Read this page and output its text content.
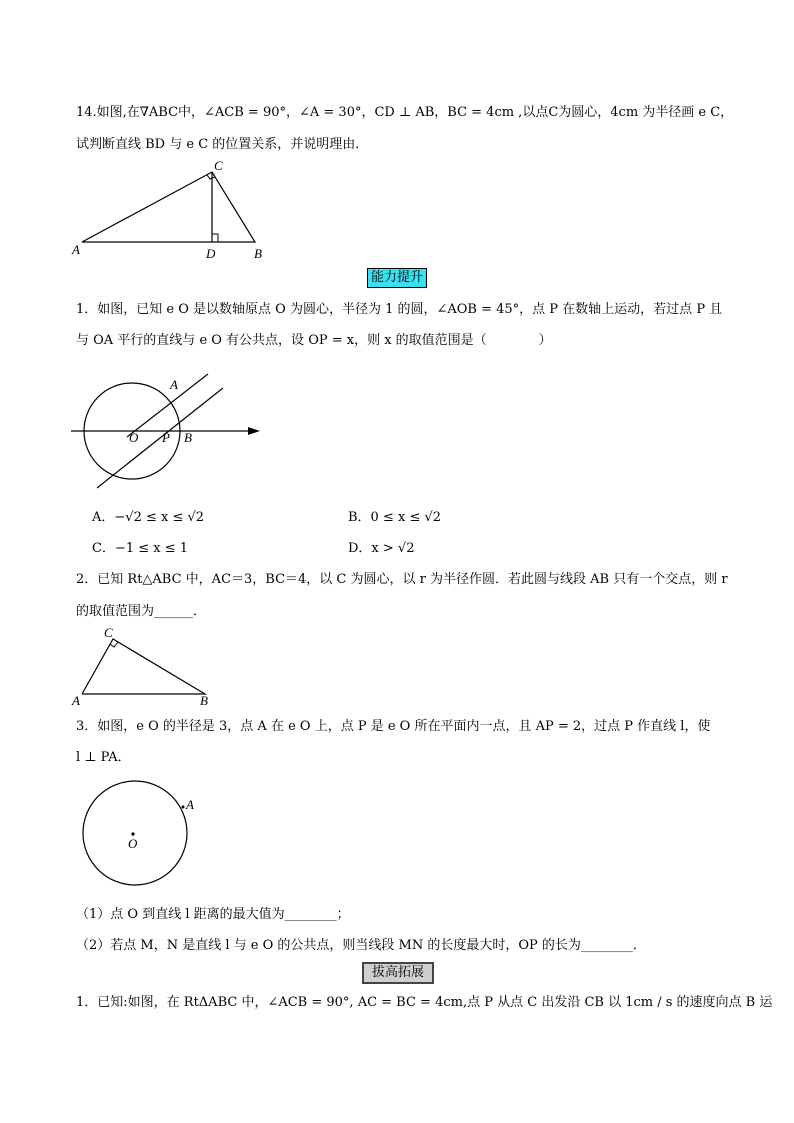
14.如图,在∇ABC中，∠ACB = 90°，∠A = 30°，CD ⊥ AB，BC = 4cm ,以点C为圆心，4cm 为半径画 e C，
试判断直线 BD 与 e C 的位置关系，并说明理由．
A
C
D	B
能力提升
1．如图，已知 e O 是以数轴原点 O 为圆心，半径为 1 的圆，∠AOB = 45°，点 P 在数轴上运动，若过点 P 且
与 OA 平行的直线与 e O 有公共点，设 OP = x，则 x 的取值范围是（　　　　）
A
O P B
A．−√2 ≤ x ≤ √2	B．0 ≤ x ≤ √2
C．−1 ≤ x ≤ 1	D．x > √2
2．已知 Rt△ABC 中，AC＝3，BC＝4，以 C 为圆心，以 r 为半径作圆．若此圆与线段 AB 只有一个交点，则 r
的取值范围为______．
C
A	B
3．如图，e O 的半径是 3，点 A 在 e O 上，点 P 是 e O 所在平面内一点，且 AP = 2，过点 P 作直线 l，使
l ⊥ PA．
A
O
（1）点 O 到直线 l 距离的最大值为________；
（2）若点 M，N 是直线 l 与 e O 的公共点，则当线段 MN 的长度最大时，OP 的长为________．
拔高拓展
1．已知:如图，在 RtΔABC 中，∠ACB = 90°, AC = BC = 4cm,点 P 从点 C 出发沿 CB 以 1cm / s 的速度向点 B 运
